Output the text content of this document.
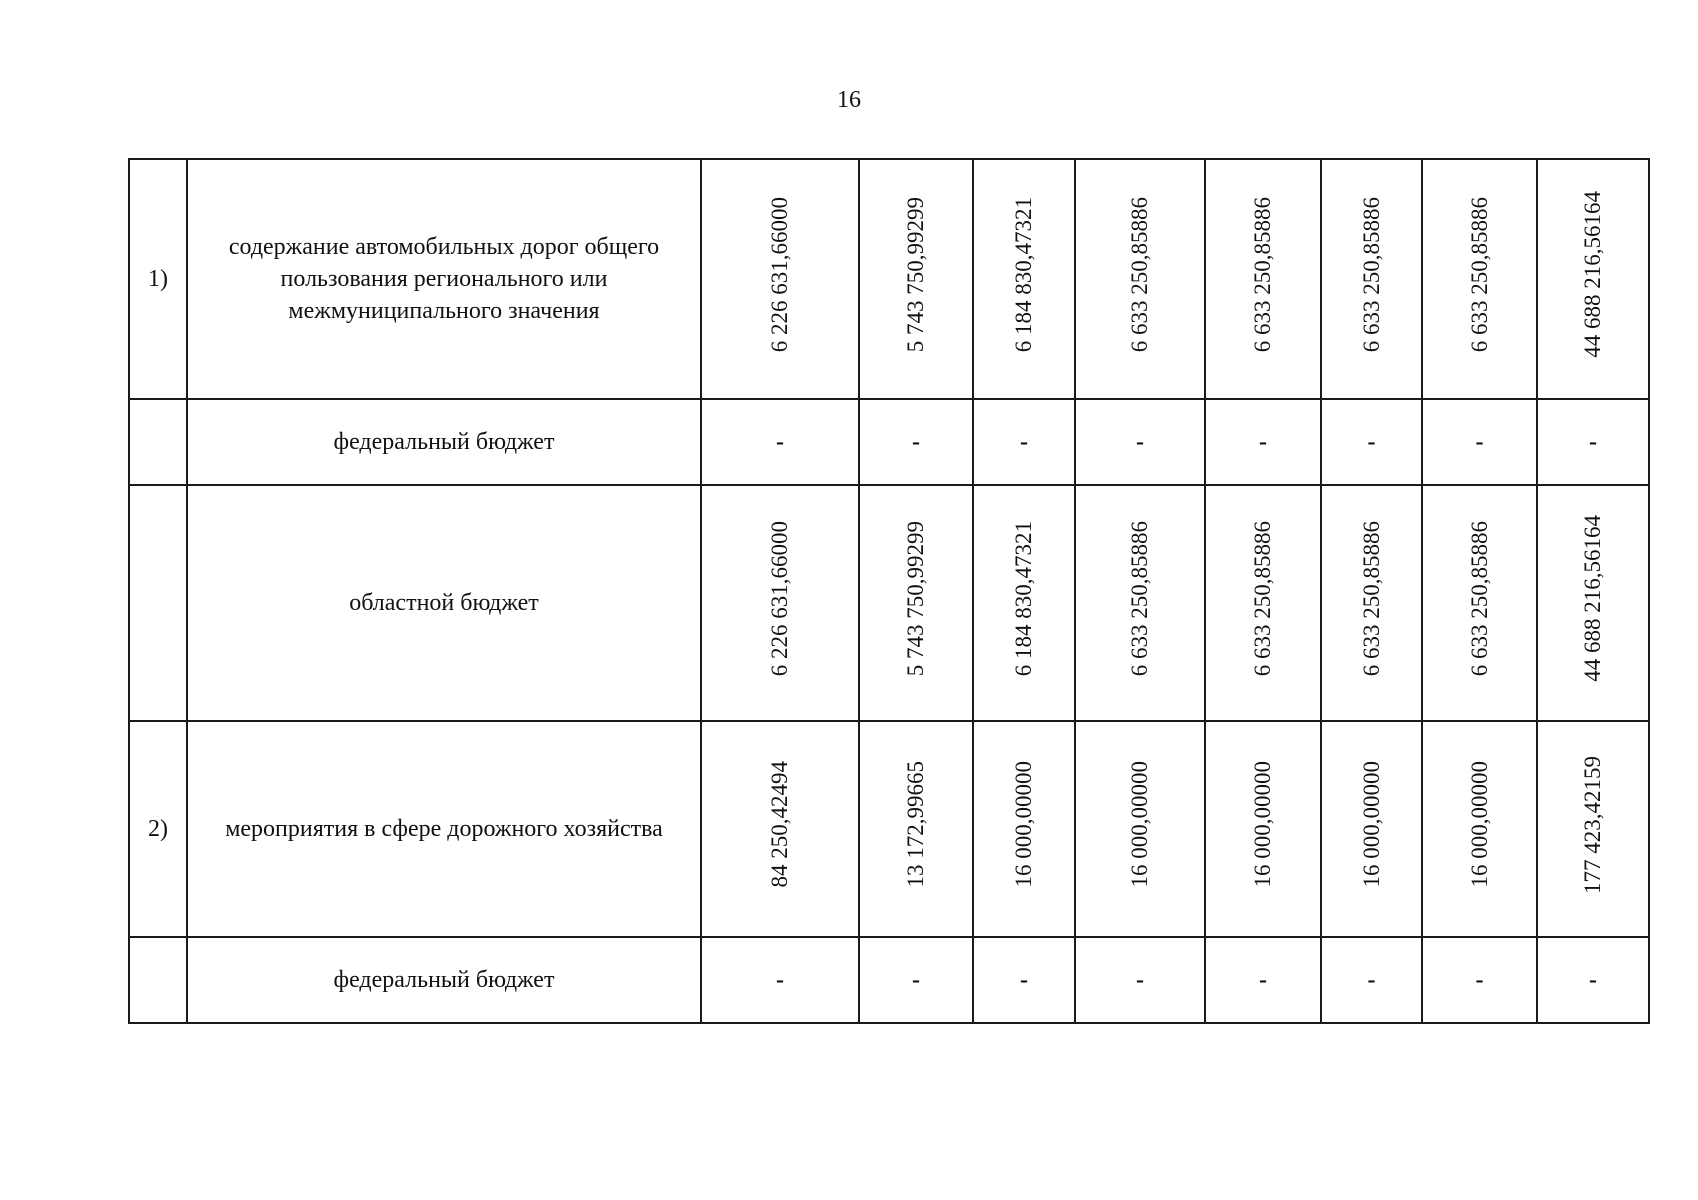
16
1)	содержание автомобильных дорог общего пользования регионального или межмуниципального значения	6 226 631,66000	5 743 750,99299	6 184 830,47321	6 633 250,85886	6 633 250,85886	6 633 250,85886	6 633 250,85886	44 688 216,56164
	федеральный бюджет	-	-	-	-	-	-	-	-
	областной бюджет	6 226 631,66000	5 743 750,99299	6 184 830,47321	6 633 250,85886	6 633 250,85886	6 633 250,85886	6 633 250,85886	44 688 216,56164
2)	мероприятия в сфере дорожного хозяйства	84 250,42494	13 172,99665	16 000,00000	16 000,00000	16 000,00000	16 000,00000	16 000,00000	177 423,42159
	федеральный бюджет	-	-	-	-	-	-	-	-
